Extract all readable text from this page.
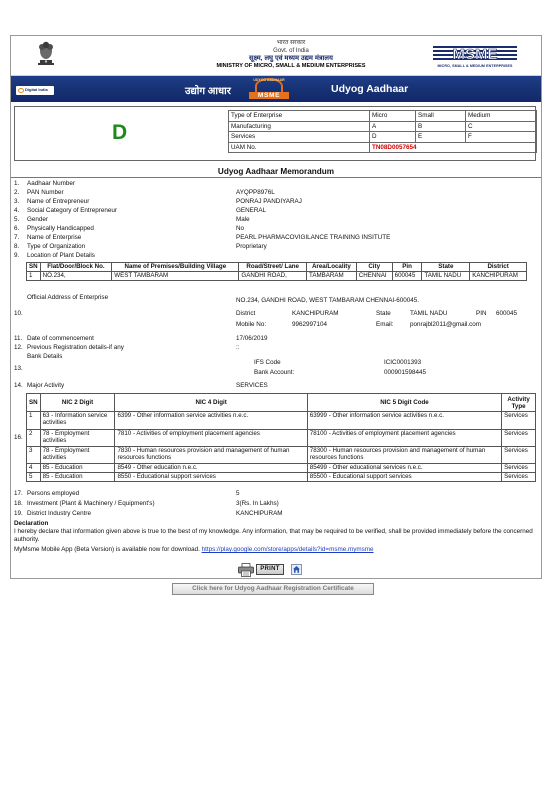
भारत सरकार
Govt. of India
सूक्ष्म, लघु एवं मध्यम उद्यम मंत्रालय
MINISTRY OF MICRO, SMALL & MEDIUM ENTERPRISES
MSME
MICRO, SMALL & MEDIUM ENTERPRISES
Digital India	उद्योग आधार	Udyog Aadhaar
UDYOG AADHAAR
MSME
D
Type of Enterprise	Micro	Small	Medium
Manufacturing	A	B	C
Services	D	E	F
UAM No.	TN08D0057654		
Udyog Aadhaar Memorandum
1. Aadhaar Number
2. PAN Number	AYQPP8976L
3. Name of Entrepreneur	PONRAJ PANDIYARAJ
4. Social Category of Entrepreneur	GENERAL
5. Gender	Male
6. Physically Handicapped	No
7. Name of Enterprise	PEARL PHARMACOVIGILANCE TRAINING INSITUTE
8. Type of Organization	Proprietary
9. Location of Plant Details
SN	Flat/Door/Block No.	Name of Premises/Building Village	Road/Street/ Lane	Area/Locality	City	Pin	State	District
1	NO.234,	WEST TAMBARAM	GANDHI ROAD,	TAMBARAM	CHENNAI	600045	TAMIL NADU	KANCHIPURAM
Official Address of Enterprise	NO.234, GANDHI ROAD, WEST TAMBARAM CHENNAI-600045.
10.	District	KANCHIPURAM	State	TAMIL NADU	PIN 600045
Mobile No:	9962997104	Email:	ponrajbl2011@gmail.com
11. Date of commencement	17/06/2019
12. Previous Registration details-if any	::
Bank Details
13.
IFS Code	ICIC0001393
Bank Account:	000901598445
14. Major Activity	SERVICES
16.
SN	NIC 2 Digit	NIC 4 Digit	NIC 5 Digit Code	Activity Type
1	63 - Information service activities	6399 - Other information service activities n.e.c.	63999 - Other information service activities n.e.c.	Services
2	78 - Employment activities	7810 - Activities of employment placement agencies	78100 - Activities of employment placement agencies	Services
3	78 - Employment activities	7830 - Human resources provision and management of human resources functions	78300 - Human resources provision and management of human resources functions	Services
4	85 - Education	8549 - Other education n.e.c.	85499 - Other educational services n.e.c.	Services
5	85 - Education	8550 - Educational support services	85500 - Educational support services	Services
17. Persons employed	5
18. Investment (Plant & Machinery / Equipment's)	3(Rs. In Lakhs)
19. District Industry Centre	KANCHIPURAM
Declaration
I hereby declare that information given above is true to the best of my knowledge. Any information, that may be required to be verified, shall be provided immediately before the concerned authority.
MyMsme Mobile App (Beta Version) is available now for download. https://play.google.com/store/apps/details?id=msme.mymsme
PRINT
Click here for Udyog Aadhaar Registration Certificate
